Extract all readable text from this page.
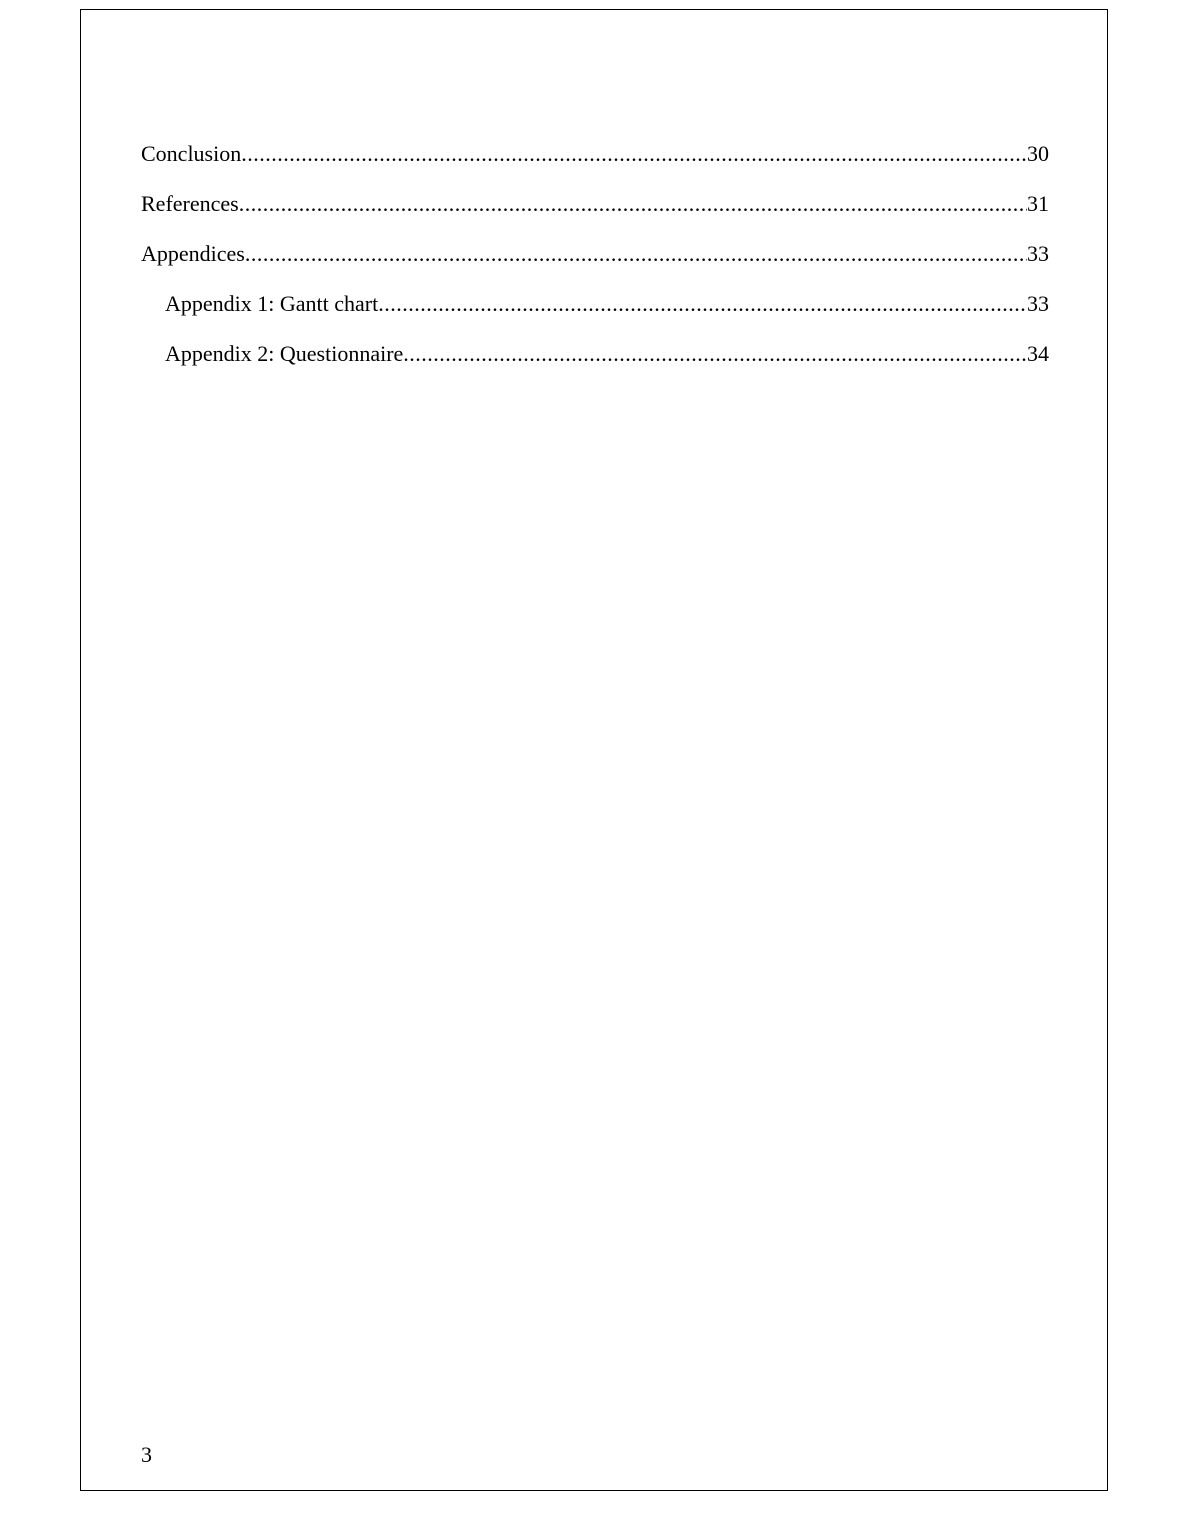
Conclusion .....	30
References .....	31
Appendices .....	33
Appendix 1: Gantt chart .....	33
Appendix 2: Questionnaire .....	34
3
